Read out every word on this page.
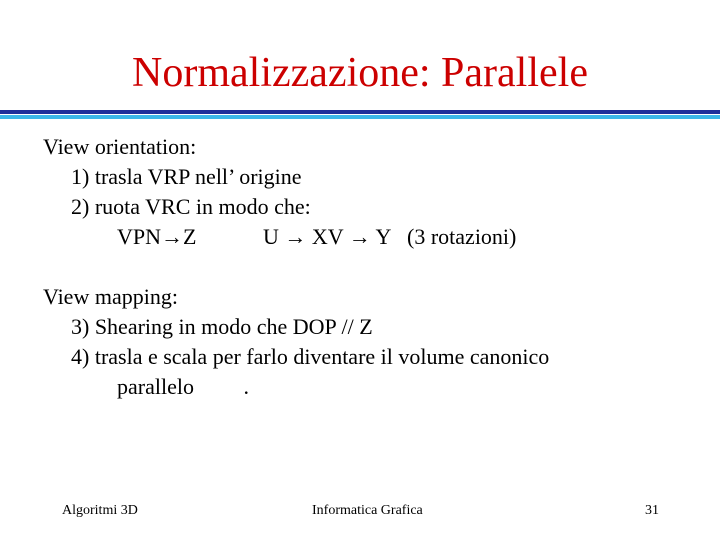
Normalizzazione: Parallele
View orientation:
1) trasla VRP nell’ origine
2) ruota VRC in modo che:
VPN→Z	U → XV → Y   (3 rotazioni)
View mapping:
3) Shearing in modo che DOP // Z
4) trasla e scala per farlo diventare il volume canonico
parallelo         .
Algoritmi 3D	Informatica Grafica	31
